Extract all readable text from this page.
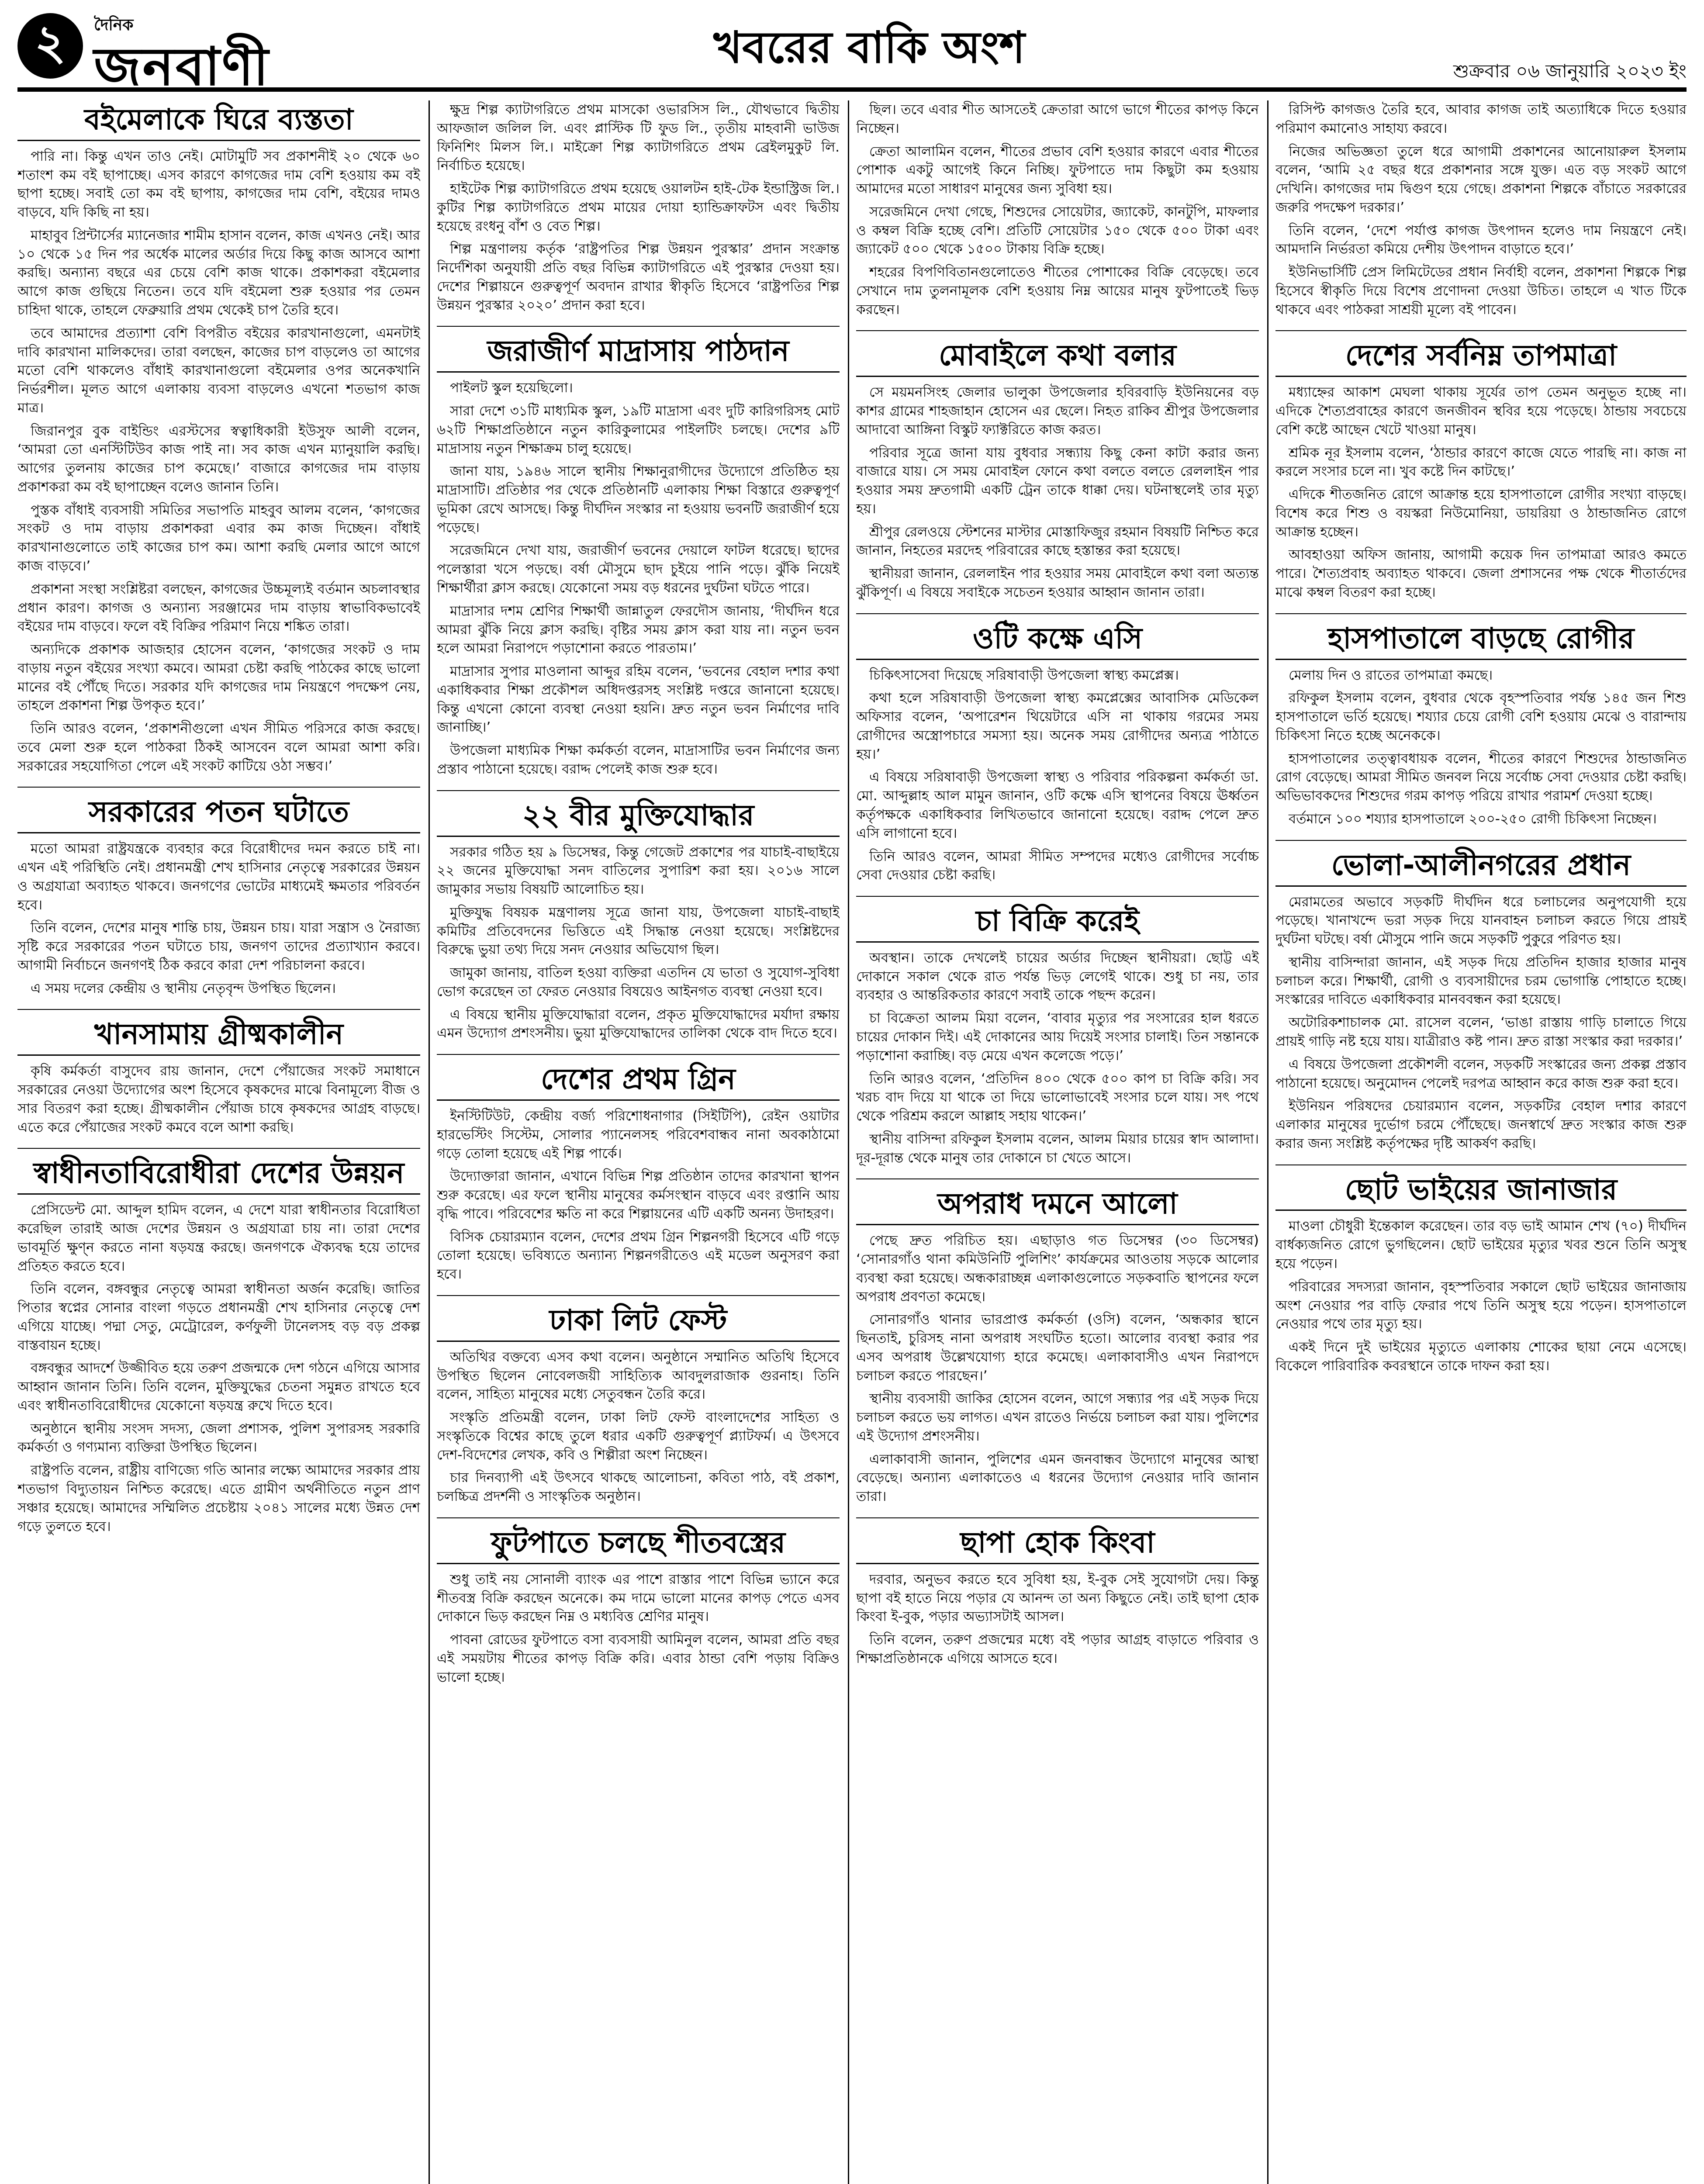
২	দৈনিক
জনবাণী	খবরের বাকি অংশ	শুক্রবার ০৬ জানুয়ারি ২০২৩ ইং
বইমেলাকে ঘিরে ব্যস্ততা

পারি না। কিন্তু এখন তাও নেই। মোটামুটি সব প্রকাশনীই ২০ থেকে ৬০ শতাংশ কম বই ছাপাচ্ছে। এসব কারণে কাগজের দাম বেশি হওয়ায় কম বই ছাপা হচ্ছে। সবাই তো কম বই ছাপায়, কাগজের দাম বেশি, বইয়ের দামও বাড়বে, যদি কিছি না হয়।

মাহাবুব প্রিন্টার্সের ম্যানেজার শামীম হাসান বলেন, কাজ এখনও নেই। আর ১০ থেকে ১৫ দিন পর অর্ধেক মালের অর্ডার দিয়ে কিছু কাজ আসবে আশা করছি। অন্যান্য বছরে এর চেয়ে বেশি কাজ থাকে। প্রকাশকরা বইমেলার আগে কাজ গুছিয়ে নিতেন। তবে যদি বইমেলা শুরু হওয়ার পর তেমন চাহিদা থাকে, তাহলে ফেব্রুয়ারি প্রথম থেকেই চাপ তৈরি হবে।

তবে আমাদের প্রত্যাশা বেশি বিপরীত বইয়ের কারখানাগুলো, এমনটাই দাবি কারখানা মালিকদের। তারা বলছেন, কাজের চাপ বাড়লেও তা আগের মতো বেশি থাকলেও বাঁধাই কারখানাগুলো বইমেলার ওপর অনেকখানি নির্ভরশীল। মূলত আগে এলাকায় ব্যবসা বাড়লেও এখনো শতভাগ কাজ মাত্র।

জিরানপুর বুক বাইন্ডিং এরস্টসের স্বত্বাধিকারী ইউসুফ আলী বলেন, ‘আমরা তো এনস্টিটিউব কাজ পাই না। সব কাজ এখন ম্যানুয়ালি করছি। আগের তুলনায় কাজের চাপ কমেছে।’ বাজারে কাগজের দাম বাড়ায় প্রকাশকরা কম বই ছাপাচ্ছেন বলেও জানান তিনি।

পুস্তক বাঁধাই ব্যবসায়ী সমিতির সভাপতি মাহবুব আলম বলেন, ‘কাগজের সংকট ও দাম বাড়ায় প্রকাশকরা এবার কম কাজ দিচ্ছেন। বাঁধাই কারখানাগুলোতে তাই কাজের চাপ কম। আশা করছি মেলার আগে আগে কাজ বাড়বে।’

প্রকাশনা সংস্থা সংশ্লিষ্টরা বলছেন, কাগজের উচ্চমূল্যই বর্তমান অচলাবস্থার প্রধান কারণ। কাগজ ও অন্যান্য সরঞ্জামের দাম বাড়ায় স্বাভাবিকভাবেই বইয়ের দাম বাড়বে। ফলে বই বিক্রির পরিমাণ নিয়ে শঙ্কিত তারা।

অন্যদিকে প্রকাশক আজহার হোসেন বলেন, ‘কাগজের সংকট ও দাম বাড়ায় নতুন বইয়ের সংখ্যা কমবে। আমরা চেষ্টা করছি পাঠকের কাছে ভালো মানের বই পৌঁছে দিতে। সরকার যদি কাগজের দাম নিয়ন্ত্রণে পদক্ষেপ নেয়, তাহলে প্রকাশনা শিল্প উপকৃত হবে।’

তিনি আরও বলেন, ‘প্রকাশনীগুলো এখন সীমিত পরিসরে কাজ করছে। তবে মেলা শুরু হলে পাঠকরা ঠিকই আসবেন বলে আমরা আশা করি। সরকারের সহযোগিতা পেলে এই সংকট কাটিয়ে ওঠা সম্ভব।’

সরকারের পতন ঘটাতে

মতো আমরা রাষ্ট্রযন্ত্রকে ব্যবহার করে বিরোধীদের দমন করতে চাই না। এখন এই পরিস্থিতি নেই। প্রধানমন্ত্রী শেখ হাসিনার নেতৃত্বে সরকারের উন্নয়ন ও অগ্রযাত্রা অব্যাহত থাকবে। জনগণের ভোটের মাধ্যমেই ক্ষমতার পরিবর্তন হবে।

তিনি বলেন, দেশের মানুষ শান্তি চায়, উন্নয়ন চায়। যারা সন্ত্রাস ও নৈরাজ্য সৃষ্টি করে সরকারের পতন ঘটাতে চায়, জনগণ তাদের প্রত্যাখ্যান করবে। আগামী নির্বাচনে জনগণই ঠিক করবে কারা দেশ পরিচালনা করবে।

এ সময় দলের কেন্দ্রীয় ও স্থানীয় নেতৃবৃন্দ উপস্থিত ছিলেন।

খানসামায় গ্রীষ্মকালীন

কৃষি কর্মকর্তা বাসুদেব রায় জানান, দেশে পেঁয়াজের সংকট সমাধানে সরকারের নেওয়া উদ্যোগের অংশ হিসেবে কৃষকদের মাঝে বিনামূল্যে বীজ ও সার বিতরণ করা হচ্ছে। গ্রীষ্মকালীন পেঁয়াজ চাষে কৃষকদের আগ্রহ বাড়ছে। এতে করে পেঁয়াজের সংকট কমবে বলে আশা করছি।

স্বাধীনতাবিরোধীরা দেশের উন্নয়ন

প্রেসিডেন্ট মো. আব্দুল হামিদ বলেন, এ দেশে যারা স্বাধীনতার বিরোধিতা করেছিল তারাই আজ দেশের উন্নয়ন ও অগ্রযাত্রা চায় না। তারা দেশের ভাবমূর্তি ক্ষুণ্ন করতে নানা ষড়যন্ত্র করছে। জনগণকে ঐক্যবদ্ধ হয়ে তাদের প্রতিহত করতে হবে।

তিনি বলেন, বঙ্গবন্ধুর নেতৃত্বে আমরা স্বাধীনতা অর্জন করেছি। জাতির পিতার স্বপ্নের সোনার বাংলা গড়তে প্রধানমন্ত্রী শেখ হাসিনার নেতৃত্বে দেশ এগিয়ে যাচ্ছে। পদ্মা সেতু, মেট্রোরেল, কর্ণফুলী টানেলসহ বড় বড় প্রকল্প বাস্তবায়ন হচ্ছে।

বঙ্গবন্ধুর আদর্শে উজ্জীবিত হয়ে তরুণ প্রজন্মকে দেশ গঠনে এগিয়ে আসার আহ্বান জানান তিনি। তিনি বলেন, মুক্তিযুদ্ধের চেতনা সমুন্নত রাখতে হবে এবং স্বাধীনতাবিরোধীদের যেকোনো ষড়যন্ত্র রুখে দিতে হবে।

অনুষ্ঠানে স্থানীয় সংসদ সদস্য, জেলা প্রশাসক, পুলিশ সুপারসহ সরকারি কর্মকর্তা ও গণ্যমান্য ব্যক্তিরা উপস্থিত ছিলেন।

রাষ্ট্রপতি বলেন, রাষ্ট্রীয় বাণিজ্যে গতি আনার লক্ষ্যে আমাদের সরকার প্রায় শতভাগ বিদ্যুতায়ন নিশ্চিত করেছে। এতে গ্রামীণ অর্থনীতিতে নতুন প্রাণ সঞ্চার হয়েছে। আমাদের সম্মিলিত প্রচেষ্টায় ২০৪১ সালের মধ্যে উন্নত দেশ গড়ে তুলতে হবে।

ক্ষুদ্র শিল্প ক্যাটাগরিতে প্রথম মাসকো ওভারসিস লি., যৌথভাবে দ্বিতীয় আফজাল জলিল লি. এবং প্লাস্টিক টি ফুড লি., তৃতীয় মাহবানী ভাউজ ফিনিশিং মিলস লি.। মাইক্রো শিল্প ক্যাটাগরিতে প্রথম ব্রেইলমুকুট লি. নির্বাচিত হয়েছে।

হাইটেক শিল্প ক্যাটাগরিতে প্রথম হয়েছে ওয়ালটন হাই-টেক ইন্ডাস্ট্রিজ লি.। কুটির শিল্প ক্যাটাগরিতে প্রথম মায়ের দোয়া হ্যান্ডিক্রাফটস এবং দ্বিতীয় হয়েছে রংধনু বাঁশ ও বেত শিল্প।

শিল্প মন্ত্রণালয় কর্তৃক ‘রাষ্ট্রপতির শিল্প উন্নয়ন পুরস্কার’ প্রদান সংক্রান্ত নির্দেশিকা অনুযায়ী প্রতি বছর বিভিন্ন ক্যাটাগরিতে এই পুরস্কার দেওয়া হয়। দেশের শিল্পায়নে গুরুত্বপূর্ণ অবদান রাখার স্বীকৃতি হিসেবে ‘রাষ্ট্রপতির শিল্প উন্নয়ন পুরস্কার ২০২০’ প্রদান করা হবে।

জরাজীর্ণ মাদ্রাসায় পাঠদান

পাইলট স্কুল হয়েছিলো।

সারা দেশে ৩১টি মাধ্যমিক স্কুল, ১৯টি মাদ্রাসা এবং দুটি কারিগরিসহ মোট ৬২টি শিক্ষাপ্রতিষ্ঠানে নতুন কারিকুলামের পাইলটিং চলছে। দেশের ৯টি মাদ্রাসায় নতুন শিক্ষাক্রম চালু হয়েছে।

জানা যায়, ১৯৪৬ সালে স্থানীয় শিক্ষানুরাগীদের উদ্যোগে প্রতিষ্ঠিত হয় মাদ্রাসাটি। প্রতিষ্ঠার পর থেকে প্রতিষ্ঠানটি এলাকায় শিক্ষা বিস্তারে গুরুত্বপূর্ণ ভূমিকা রেখে আসছে। কিন্তু দীর্ঘদিন সংস্কার না হওয়ায় ভবনটি জরাজীর্ণ হয়ে পড়েছে।

সরেজমিনে দেখা যায়, জরাজীর্ণ ভবনের দেয়ালে ফাটল ধরেছে। ছাদের পলেস্তারা খসে পড়ছে। বর্ষা মৌসুমে ছাদ চুইয়ে পানি পড়ে। ঝুঁকি নিয়েই শিক্ষার্থীরা ক্লাস করছে। যেকোনো সময় বড় ধরনের দুর্ঘটনা ঘটতে পারে।

মাদ্রাসার দশম শ্রেণির শিক্ষার্থী জান্নাতুল ফেরদৌস জানায়, ‘দীর্ঘদিন ধরে আমরা ঝুঁকি নিয়ে ক্লাস করছি। বৃষ্টির সময় ক্লাস করা যায় না। নতুন ভবন হলে আমরা নিরাপদে পড়াশোনা করতে পারতাম।’

মাদ্রাসার সুপার মাওলানা আব্দুর রহিম বলেন, ‘ভবনের বেহাল দশার কথা একাধিকবার শিক্ষা প্রকৌশল অধিদপ্তরসহ সংশ্লিষ্ট দপ্তরে জানানো হয়েছে। কিন্তু এখনো কোনো ব্যবস্থা নেওয়া হয়নি। দ্রুত নতুন ভবন নির্মাণের দাবি জানাচ্ছি।’

উপজেলা মাধ্যমিক শিক্ষা কর্মকর্তা বলেন, মাদ্রাসাটির ভবন নির্মাণের জন্য প্রস্তাব পাঠানো হয়েছে। বরাদ্দ পেলেই কাজ শুরু হবে।

২২ বীর মুক্তিযোদ্ধার

সরকার গঠিত হয় ৯ ডিসেম্বর, কিন্তু গেজেট প্রকাশের পর যাচাই-বাছাইয়ে ২২ জনের মুক্তিযোদ্ধা সনদ বাতিলের সুপারিশ করা হয়। ২০১৬ সালে জামুকার সভায় বিষয়টি আলোচিত হয়।

মুক্তিযুদ্ধ বিষয়ক মন্ত্রণালয় সূত্রে জানা যায়, উপজেলা যাচাই-বাছাই কমিটির প্রতিবেদনের ভিত্তিতে এই সিদ্ধান্ত নেওয়া হয়েছে। সংশ্লিষ্টদের বিরুদ্ধে ভুয়া তথ্য দিয়ে সনদ নেওয়ার অভিযোগ ছিল।

জামুকা জানায়, বাতিল হওয়া ব্যক্তিরা এতদিন যে ভাতা ও সুযোগ-সুবিধা ভোগ করেছেন তা ফেরত নেওয়ার বিষয়েও আইনগত ব্যবস্থা নেওয়া হবে।

এ বিষয়ে স্থানীয় মুক্তিযোদ্ধারা বলেন, প্রকৃত মুক্তিযোদ্ধাদের মর্যাদা রক্ষায় এমন উদ্যোগ প্রশংসনীয়। ভুয়া মুক্তিযোদ্ধাদের তালিকা থেকে বাদ দিতে হবে।

দেশের প্রথম গ্রিন

ইনস্টিটিউট, কেন্দ্রীয় বর্জ্য পরিশোধনাগার (সিইটিপি), রেইন ওয়াটার হারভেস্টিং সিস্টেম, সোলার প্যানেলসহ পরিবেশবান্ধব নানা অবকাঠামো গড়ে তোলা হয়েছে এই শিল্প পার্কে।

উদ্যোক্তারা জানান, এখানে বিভিন্ন শিল্প প্রতিষ্ঠান তাদের কারখানা স্থাপন শুরু করেছে। এর ফলে স্থানীয় মানুষের কর্মসংস্থান বাড়বে এবং রপ্তানি আয় বৃদ্ধি পাবে। পরিবেশের ক্ষতি না করে শিল্পায়নের এটি একটি অনন্য উদাহরণ।

বিসিক চেয়ারম্যান বলেন, দেশের প্রথম গ্রিন শিল্পনগরী হিসেবে এটি গড়ে তোলা হয়েছে। ভবিষ্যতে অন্যান্য শিল্পনগরীতেও এই মডেল অনুসরণ করা হবে।

ঢাকা লিট ফেস্ট

অতিথির বক্তব্যে এসব কথা বলেন। অনুষ্ঠানে সম্মানিত অতিথি হিসেবে উপস্থিত ছিলেন নোবেলজয়ী সাহিত্যিক আবদুলরাজাক গুরনাহ। তিনি বলেন, সাহিত্য মানুষের মধ্যে সেতুবন্ধন তৈরি করে।

সংস্কৃতি প্রতিমন্ত্রী বলেন, ঢাকা লিট ফেস্ট বাংলাদেশের সাহিত্য ও সংস্কৃতিকে বিশ্বের কাছে তুলে ধরার একটি গুরুত্বপূর্ণ প্ল্যাটফর্ম। এ উৎসবে দেশ-বিদেশের লেখক, কবি ও শিল্পীরা অংশ নিচ্ছেন।

চার দিনব্যাপী এই উৎসবে থাকছে আলোচনা, কবিতা পাঠ, বই প্রকাশ, চলচ্চিত্র প্রদর্শনী ও সাংস্কৃতিক অনুষ্ঠান।

ফুটপাতে চলছে শীতবস্ত্রের

শুধু তাই নয় সোনালী ব্যাংক এর পাশে রাস্তার পাশে বিভিন্ন ভ্যানে করে শীতবস্ত্র বিক্রি করছেন অনেকে। কম দামে ভালো মানের কাপড় পেতে এসব দোকানে ভিড় করছেন নিম্ন ও মধ্যবিত্ত শ্রেণির মানুষ।

পাবনা রোডের ফুটপাতে বসা ব্যবসায়ী আমিনুল বলেন, আমরা প্রতি বছর এই সময়টায় শীতের কাপড় বিক্রি করি। এবার ঠান্ডা বেশি পড়ায় বিক্রিও ভালো হচ্ছে।

ছিল। তবে এবার শীত আসতেই ক্রেতারা আগে ভাগে শীতের কাপড় কিনে নিচ্ছেন।

ক্রেতা আলামিন বলেন, শীতের প্রভাব বেশি হওয়ার কারণে এবার শীতের পোশাক একটু আগেই কিনে নিচ্ছি। ফুটপাতে দাম কিছুটা কম হওয়ায় আমাদের মতো সাধারণ মানুষের জন্য সুবিধা হয়।

সরেজমিনে দেখা গেছে, শিশুদের সোয়েটার, জ্যাকেট, কানটুপি, মাফলার ও কম্বল বিক্রি হচ্ছে বেশি। প্রতিটি সোয়েটার ১৫০ থেকে ৫০০ টাকা এবং জ্যাকেট ৫০০ থেকে ১৫০০ টাকায় বিক্রি হচ্ছে।

শহরের বিপণিবিতানগুলোতেও শীতের পোশাকের বিক্রি বেড়েছে। তবে সেখানে দাম তুলনামূলক বেশি হওয়ায় নিম্ন আয়ের মানুষ ফুটপাতেই ভিড় করছেন।

মোবাইলে কথা বলার

সে ময়মনসিংহ জেলার ভালুকা উপজেলার হবিরবাড়ি ইউনিয়নের বড় কাশর গ্রামের শাহজাহান হোসেন এর ছেলে। নিহত রাকিব শ্রীপুর উপজেলার আদাবো আঙ্গিনা বিস্কুট ফ্যাক্টরিতে কাজ করত।

পরিবার সূত্রে জানা যায় বুধবার সন্ধ্যায় কিছু কেনা কাটা করার জন্য বাজারে যায়। সে সময় মোবাইল ফোনে কথা বলতে বলতে রেললাইন পার হওয়ার সময় দ্রুতগামী একটি ট্রেন তাকে ধাক্কা দেয়। ঘটনাস্থলেই তার মৃত্যু হয়।

শ্রীপুর রেলওয়ে স্টেশনের মাস্টার মোস্তাফিজুর রহমান বিষয়টি নিশ্চিত করে জানান, নিহতের মরদেহ পরিবারের কাছে হস্তান্তর করা হয়েছে।

স্থানীয়রা জানান, রেললাইন পার হওয়ার সময় মোবাইলে কথা বলা অত্যন্ত ঝুঁকিপূর্ণ। এ বিষয়ে সবাইকে সচেতন হওয়ার আহ্বান জানান তারা।

ওটি কক্ষে এসি

চিকিৎসাসেবা দিয়েছে সরিষাবাড়ী উপজেলা স্বাস্থ্য কমপ্লেক্স।

কথা হলে সরিষাবাড়ী উপজেলা স্বাস্থ্য কমপ্লেক্সের আবাসিক মেডিকেল অফিসার বলেন, ‘অপারেশন থিয়েটারে এসি না থাকায় গরমের সময় রোগীদের অস্ত্রোপচারে সমস্যা হয়। অনেক সময় রোগীদের অন্যত্র পাঠাতে হয়।’

এ বিষয়ে সরিষাবাড়ী উপজেলা স্বাস্থ্য ও পরিবার পরিকল্পনা কর্মকর্তা ডা. মো. আব্দুল্লাহ আল মামুন জানান, ওটি কক্ষে এসি স্থাপনের বিষয়ে ঊর্ধ্বতন কর্তৃপক্ষকে একাধিকবার লিখিতভাবে জানানো হয়েছে। বরাদ্দ পেলে দ্রুত এসি লাগানো হবে।

তিনি আরও বলেন, আমরা সীমিত সম্পদের মধ্যেও রোগীদের সর্বোচ্চ সেবা দেওয়ার চেষ্টা করছি।

চা বিক্রি করেই

অবস্থান। তাকে দেখলেই চায়ের অর্ডার দিচ্ছেন স্থানীয়রা। ছোট্ট এই দোকানে সকাল থেকে রাত পর্যন্ত ভিড় লেগেই থাকে। শুধু চা নয়, তার ব্যবহার ও আন্তরিকতার কারণে সবাই তাকে পছন্দ করেন।

চা বিক্রেতা আলম মিয়া বলেন, ‘বাবার মৃত্যুর পর সংসারের হাল ধরতে চায়ের দোকান দিই। এই দোকানের আয় দিয়েই সংসার চালাই। তিন সন্তানকে পড়াশোনা করাচ্ছি। বড় মেয়ে এখন কলেজে পড়ে।’

তিনি আরও বলেন, ‘প্রতিদিন ৪০০ থেকে ৫০০ কাপ চা বিক্রি করি। সব খরচ বাদ দিয়ে যা থাকে তা দিয়ে ভালোভাবেই সংসার চলে যায়। সৎ পথে থেকে পরিশ্রম করলে আল্লাহ সহায় থাকেন।’

স্থানীয় বাসিন্দা রফিকুল ইসলাম বলেন, আলম মিয়ার চায়ের স্বাদ আলাদা। দূর-দূরান্ত থেকে মানুষ তার দোকানে চা খেতে আসে।

অপরাধ দমনে আলো

পেছে দ্রুত পরিচিত হয়। এছাড়াও গত ডিসেম্বর (৩০ ডিসেম্বর) ‘সোনারগাঁও থানা কমিউনিটি পুলিশিং’ কার্যক্রমের আওতায় সড়কে আলোর ব্যবস্থা করা হয়েছে। অন্ধকারাচ্ছন্ন এলাকাগুলোতে সড়কবাতি স্থাপনের ফলে অপরাধ প্রবণতা কমেছে।

সোনারগাঁও থানার ভারপ্রাপ্ত কর্মকর্তা (ওসি) বলেন, ‘অন্ধকার স্থানে ছিনতাই, চুরিসহ নানা অপরাধ সংঘটিত হতো। আলোর ব্যবস্থা করার পর এসব অপরাধ উল্লেখযোগ্য হারে কমেছে। এলাকাবাসীও এখন নিরাপদে চলাচল করতে পারছেন।’

স্থানীয় ব্যবসায়ী জাকির হোসেন বলেন, আগে সন্ধ্যার পর এই সড়ক দিয়ে চলাচল করতে ভয় লাগত। এখন রাতেও নির্ভয়ে চলাচল করা যায়। পুলিশের এই উদ্যোগ প্রশংসনীয়।

এলাকাবাসী জানান, পুলিশের এমন জনবান্ধব উদ্যোগে মানুষের আস্থা বেড়েছে। অন্যান্য এলাকাতেও এ ধরনের উদ্যোগ নেওয়ার দাবি জানান তারা।

ছাপা হোক কিংবা

দরবার, অনুভব করতে হবে সুবিধা হয়, ই-বুক সেই সুযোগটা দেয়। কিন্তু ছাপা বই হাতে নিয়ে পড়ার যে আনন্দ তা অন্য কিছুতে নেই। তাই ছাপা হোক কিংবা ই-বুক, পড়ার অভ্যাসটাই আসল।

তিনি বলেন, তরুণ প্রজন্মের মধ্যে বই পড়ার আগ্রহ বাড়াতে পরিবার ও শিক্ষাপ্রতিষ্ঠানকে এগিয়ে আসতে হবে।

রিসিপ্ট কাগজও তৈরি হবে, আবার কাগজ তাই অত্যাধিকে দিতে হওয়ার পরিমাণ কমানোও সাহায্য করবে।

নিজের অভিজ্ঞতা তুলে ধরে আগামী প্রকাশনের আনোয়ারুল ইসলাম বলেন, ‘আমি ২৫ বছর ধরে প্রকাশনার সঙ্গে যুক্ত। এত বড় সংকট আগে দেখিনি। কাগজের দাম দ্বিগুণ হয়ে গেছে। প্রকাশনা শিল্পকে বাঁচাতে সরকারের জরুরি পদক্ষেপ দরকার।’

তিনি বলেন, ‘দেশে পর্যাপ্ত কাগজ উৎপাদন হলেও দাম নিয়ন্ত্রণে নেই। আমদানি নির্ভরতা কমিয়ে দেশীয় উৎপাদন বাড়াতে হবে।’

ইউনিভার্সিটি প্রেস লিমিটেডের প্রধান নির্বাহী বলেন, প্রকাশনা শিল্পকে শিল্প হিসেবে স্বীকৃতি দিয়ে বিশেষ প্রণোদনা দেওয়া উচিত। তাহলে এ খাত টিকে থাকবে এবং পাঠকরা সাশ্রয়ী মূল্যে বই পাবেন।

দেশের সর্বনিম্ন তাপমাত্রা

মধ্যাহ্নের আকাশ মেঘলা থাকায় সূর্যের তাপ তেমন অনুভূত হচ্ছে না। এদিকে শৈত্যপ্রবাহের কারণে জনজীবন স্থবির হয়ে পড়েছে। ঠান্ডায় সবচেয়ে বেশি কষ্টে আছেন খেটে খাওয়া মানুষ।

শ্রমিক নূর ইসলাম বলেন, ‘ঠান্ডার কারণে কাজে যেতে পারছি না। কাজ না করলে সংসার চলে না। খুব কষ্টে দিন কাটছে।’

এদিকে শীতজনিত রোগে আক্রান্ত হয়ে হাসপাতালে রোগীর সংখ্যা বাড়ছে। বিশেষ করে শিশু ও বয়স্করা নিউমোনিয়া, ডায়রিয়া ও ঠান্ডাজনিত রোগে আক্রান্ত হচ্ছেন।

আবহাওয়া অফিস জানায়, আগামী কয়েক দিন তাপমাত্রা আরও কমতে পারে। শৈত্যপ্রবাহ অব্যাহত থাকবে। জেলা প্রশাসনের পক্ষ থেকে শীতার্তদের মাঝে কম্বল বিতরণ করা হচ্ছে।

হাসপাতালে বাড়ছে রোগীর

মেলায় দিন ও রাতের তাপমাত্রা কমছে।

রফিকুল ইসলাম বলেন, বুধবার থেকে বৃহস্পতিবার পর্যন্ত ১৪৫ জন শিশু হাসপাতালে ভর্তি হয়েছে। শয্যার চেয়ে রোগী বেশি হওয়ায় মেঝে ও বারান্দায় চিকিৎসা নিতে হচ্ছে অনেককে।

হাসপাতালের তত্ত্বাবধায়ক বলেন, শীতের কারণে শিশুদের ঠান্ডাজনিত রোগ বেড়েছে। আমরা সীমিত জনবল নিয়ে সর্বোচ্চ সেবা দেওয়ার চেষ্টা করছি। অভিভাবকদের শিশুদের গরম কাপড় পরিয়ে রাখার পরামর্শ দেওয়া হচ্ছে।

বর্তমানে ১০০ শয্যার হাসপাতালে ২০০-২৫০ রোগী চিকিৎসা নিচ্ছেন।

ভোলা-আলীনগরের প্রধান

মেরামতের অভাবে সড়কটি দীর্ঘদিন ধরে চলাচলের অনুপযোগী হয়ে পড়েছে। খানাখন্দে ভরা সড়ক দিয়ে যানবাহন চলাচল করতে গিয়ে প্রায়ই দুর্ঘটনা ঘটছে। বর্ষা মৌসুমে পানি জমে সড়কটি পুকুরে পরিণত হয়।

স্থানীয় বাসিন্দারা জানান, এই সড়ক দিয়ে প্রতিদিন হাজার হাজার মানুষ চলাচল করে। শিক্ষার্থী, রোগী ও ব্যবসায়ীদের চরম ভোগান্তি পোহাতে হচ্ছে। সংস্কারের দাবিতে একাধিকবার মানববন্ধন করা হয়েছে।

অটোরিকশাচালক মো. রাসেল বলেন, ‘ভাঙা রাস্তায় গাড়ি চালাতে গিয়ে প্রায়ই গাড়ি নষ্ট হয়ে যায়। যাত্রীরাও কষ্ট পান। দ্রুত রাস্তা সংস্কার করা দরকার।’

এ বিষয়ে উপজেলা প্রকৌশলী বলেন, সড়কটি সংস্কারের জন্য প্রকল্প প্রস্তাব পাঠানো হয়েছে। অনুমোদন পেলেই দরপত্র আহ্বান করে কাজ শুরু করা হবে।

ইউনিয়ন পরিষদের চেয়ারম্যান বলেন, সড়কটির বেহাল দশার কারণে এলাকার মানুষের দুর্ভোগ চরমে পৌঁছেছে। জনস্বার্থে দ্রুত সংস্কার কাজ শুরু করার জন্য সংশ্লিষ্ট কর্তৃপক্ষের দৃষ্টি আকর্ষণ করছি।

ছোট ভাইয়ের জানাজার

মাওলা চৌধুরী ইন্তেকাল করেছেন। তার বড় ভাই আমান শেখ (৭০) দীর্ঘদিন বার্ধক্যজনিত রোগে ভুগছিলেন। ছোট ভাইয়ের মৃত্যুর খবর শুনে তিনি অসুস্থ হয়ে পড়েন।

পরিবারের সদস্যরা জানান, বৃহস্পতিবার সকালে ছোট ভাইয়ের জানাজায় অংশ নেওয়ার পর বাড়ি ফেরার পথে তিনি অসুস্থ হয়ে পড়েন। হাসপাতালে নেওয়ার পথে তার মৃত্যু হয়।

একই দিনে দুই ভাইয়ের মৃত্যুতে এলাকায় শোকের ছায়া নেমে এসেছে। বিকেলে পারিবারিক কবরস্থানে তাকে দাফন করা হয়।
